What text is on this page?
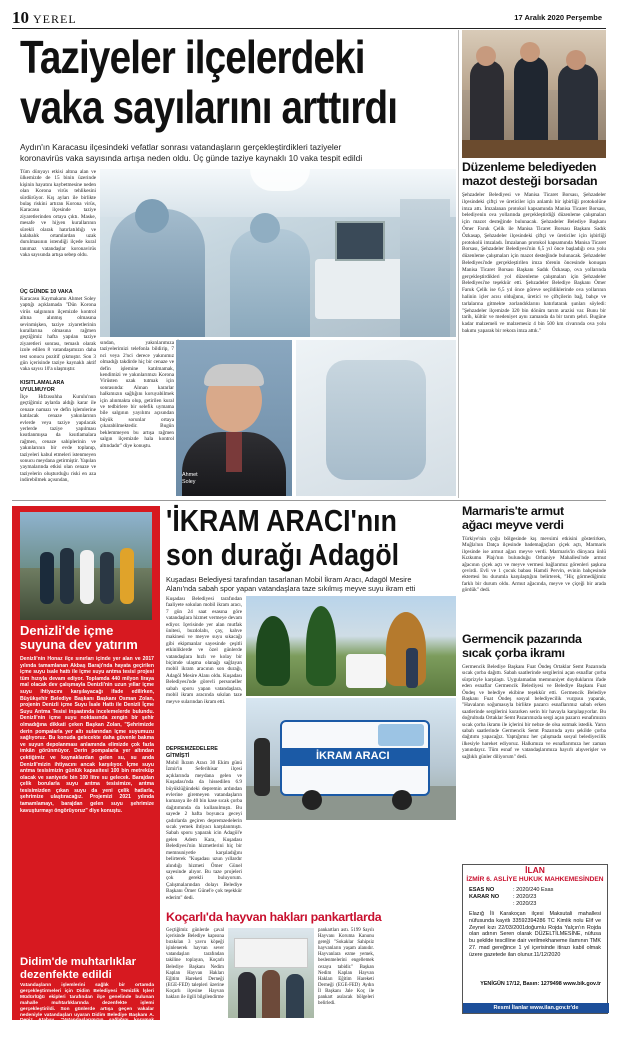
10 YEREL	17 Aralık 2020 Perşembe
Taziyeler ilçelerdeki
vaka sayılarını arttırdı
Aydın'ın Karacasu ilçesindeki vefatlar sonrası vatandaşların gerçekleştirdikleri taziyeler
koronavirüs vaka sayısında artışa neden oldu. Üç günde taziye kaynaklı 10 vaka tespit edildi

Tüm dünyayı etkisi altına alan ve ülkemizde de 15 binin üzerinde kişinin hayatını kaybetmesine neden olan Korona virüs tehlikesini sürdürüyor. Kış ayları ile birlikte bulaş riskini artıran Korona virüs, Karacasu ilçesinde taziye ziyaretlerinden ortaya çıktı. Maske, mesafe ve hijyen kurallarının sürekli olarak hatırlatıldığı ve kalabalık ortamlardan uzak durulmasının istendiği ilçede kural tanımaz vatandaşlar koronavirüs vaka sayısında artışa sebep oldu.

ÜÇ GÜNDE 10 VAKA

Karacasu Kaymakamı Ahmet Soley yaptığı açıklamada "Dün Korona virüs salgınının ilçemizde kontrol altına alınmış olmasına sevinmişken, taziye ziyaretlerinin kurallarına olmasına rağmen geçtiğimiz hafta yapılan taziye ziyaretleri sonrası, temaslı olarak izole edilen 8 vatandaşımızın daha test sonucu pozitif çıkmıştır. Son 3 gün içerisinde taziye kaynaklı aktif vaka sayısı 10'a ulaşmıştır.

KISITLAMALARA UYULMUYOR

İlçe Hıfzıssıhha Kurulu'nun geçtiğimiz aylarda aldığı karar ile cenaze namazı ve defin işlemlerine katılacak cenaze yakınlarının evlerde veya taziye yapılacak yerlerde taziye yapılması kısıtlanmışsa da kısıtlamalara rağmen, cenaze sahiplerinin ve yakınlarının bir evde toplanıp, taziyeleri kabul etmeleri istenmeyen sonucu meydana getirmiştir. Yapılan yaymalarında etkisi olan cenaze ve taziyelerin oluşturduğu riski en aza indirebilmek açısından,

sından, yakınlarımıza taziyelerimizi telefonla bildirip, 7 nci veya 2'nci derece yakınımız olmadığı takdirde hiç bir cenaze ve defin işlemine katılmamak, kendimizi ve yakınlarımızı Korona Virüsten uzak tutmak için sonrasında: Alınan kararlar halkımızın sağlığını koruyabilmek için alınmakta olup, getirilen kural ve tedbirlere bir selefik uymama bile salgının yayılımı açısından büyük sorunlar ortaya çıkarabilmektedir. Bugün beklemmeyen bu artışa rağmen salgın ilçemizde hala kontrol altındadır" diye konuştu.

Ahmet
Soley
Düzenleme belediyeden
mazot desteği borsadan

Şehzadeler Belediyesi ve Manisa Ticaret Borsası, Şehzadeler ilçesindeki çiftçi ve üreticiler için anlamlı bir işbirliği protokolüne imza attı. İmzalanan protokol kapsamında Manisa Ticaret Borsası, belediyenin ova yollarında gerçekleştirdiği düzenleme çalışmaları için mazot desteğinde bulunacak. Şehzadeler Belediye Başkanı Ömer Faruk Çelik ile Manisa Ticaret Borsası Başkanı Sadık Özkasap, Şehzadeler ilçesindeki çiftçi ve üreticiler için işbirliği protokolü imzaladı. İmzalanan protokol kapsamında Manisa Ticaret Borsası, Şehzadeler Belediyesi'nin 6,5 yıl önce başladığı ova yolu düzenleme çalışmaları için mazot desteğinde bulunacak. Şehzadeler Belediyesi'nde gerçekleştirilen imza törenin öncesinde konuşan Manisa Ticaret Borsası Başkanı Sadık Özkasap, ova yollarında gerçekleştirdikleri yol düzenleme çalışmaları için Şehzadeler Belediyesi'ne teşekkür etti. Şehzadeler Belediye Başkanı Ömer Faruk Çelik ise 6,5 yıl önce göreve seçildiklerinde ova yollarının halinin içler acısı olduğunu, üretici ve çiftçilerin bağ, bahçe ve tarlalarına gitmekte zorlandıklarını hatırlatarak şunları söyledi: "Şehzadeler ilçemizde 320 bin dönüm tarım arazisi var. Bunu bir tarih, kültür ve medeniyet aynı zamanda da bir tarım şehri. Bugüne kadar malzemeli ve malzemesiz 4 bin 500 km civarında ova yolu bakımı yaparak bir rekora imza attık."

Denizli'de içme
suyuna dev yatırım

Denizli'nin Honaz ilçe sınırları içinde yer alan ve 2017 yılında tamamlanan Akbaş Barajı'nda hayata geçirilen içme suyu isale hattı ile içme suyu antma tesisi projesi tüm hızıyla devam ediyor. Toplamda 440 milyon liraya mal olacak dev çalışmayla Denizli'nin uzun yıllar içme suyu ihtiyacını karşılayacağı ifade edilirken, Büyükşehir Belediye Başkanı Başkanı Osman Zolan, projenin Denizli içme Suyu İsale Hattı ile Denizli İçme Suyu Antma Tesisi inşaatında incelemelerde bulundu. Denizli'nin içme suyu noktasında zengin bir şehir olmadığına dikkati çeken Başkan Zolan, "Şehrimizde derin pompalarla yer altı sularından içme suyumuzu sağlıyoruz. Bu konuda gelecekte daha güvenle bakma ve suyun depolanması anlamında elimizde çok fazla imkân görünmüyor. Derin pompalarla yer altından çektiğimiz ve kaynaklardan gelen su, su anda Denizli'mizin ihtiyacını ancak karşılıyor. İçme suyu antma tesisimizin günlük kapasitesi 100 bin metreküp olacak ve saniyede bin 100 litre su gelecek. Barajdan çelik borularla suyu arıtma tesisimize, arıtma tesisimizden çıkan suyu da yeni çelik hatlarla, şehrimize ulaştıracağız. Projemizi 2021 yılında tamamlamayı, barajdan gelen suyu şehrimize kavuşturmayı öngörüyoruz" diye konuştu.

Didim'de muhtarlıklar
dezenfekte edildi

Vatandaşların işlemlerini sağlık bir ortamda gerçekleştirmeleri için Didim Belediyesi Temizlik İşleri Müdürlüğü ekipleri tarafından ilçe genelinde bulunan mahalle muhtarlıklarında dezenfekte işlemi gerçekleştirildi. Son günlerde artışa geçen vakalar nedeniyle vatandaşları uyaran Didim Belediye Başkanı A. Deniz Atabay, "Vatandaşlarımızın sağlığını korumak amacıyla tüm muhtarlıklarımız da dezenfekte işlemleri gerçekleştirdik. Hafkımızdan maske, mesafe ve temizlik kurallarına uyulması konusunda hassasiyet göstermelerini diliyorum" dedi.

'İKRAM ARACI'nın
son durağı Adagöl
Kuşadası Belediyesi tarafından tasarlanan Mobil İkram Aracı, Adagöl Mesire
Alanı'nda sabah spor yapan vatandaşlara taze sıkılmış meyve suyu ikram etti

Kuşadası Belediyesi tarafından faaliyete sokulan mobil ikram aracı, 7 gün 24 saat esasına göre vatandaşlara hizmet vermeye devam ediyor. Içerisinde yer alan mutfak ünitesi, buzdolabı, çay, kahve makinesi ve meyve suyu sıkacağı gibi ekipmanlar sayesinde çeşitli etkinliklerde ve özel günlerde vatandaşlara hızlı ve kolay bir biçimde ulaşma olanağı sağlayan mobil ikram aracının son durağı, Adagöl Mesire Alanı oldu. Kuşadası Belediyesi'nde görevli personeller sabah sporu yapan vatandaşlara, mobil ikram aracında sıkılan taze meyve sularından ikram etti.

DEPREMZEDELERE GİTMİŞTİ

Mobil İkram Aracı 30 Ekim günü İzmir'in Seferihisar ilçesi açıklarında meydana gelen ve Kuşadası'nda da hissedilen 6.9 büyüklüğündeki depremin ardından evlerine giremeyen vatandaşların kumanya ile 40 bin kase sıcak çorba dağıtımında da kullanılmıştı. Bu sayede 2 hafta boyunca geceyi çadırlarda geçiren depremzedelerin sıcak yemek ihtiyacı karşılanmıştı. Sabah sporu yaparak icin Adagöl'e gelen Adem Kara, Kuşadası Belediyesi'nin hizmetlerini hiç bir memnuniyetle karşıladığını belirterek "Kuşadası uzun yıllardır alındığı hizmeti Ömer Günel sayesinde alıyor. Bu taze projeleri çok gerekli buluyorum. Çalışmalarından dolayı Belediye Başkanı Ömer Günel'e çok teşekkür ederim" dedi.

İKRAM ARACI
Koçarlı'da hayvan hakları pankartlarda

Geçtiğimiz günlerde çaval içerisinde Belediye kapısına bırakılan 3 yavru köpeği işinlenerek hayvan sever vatandaşları tarafından takiline toplayan, Koçarlı Belediye Başkanı Nedim Kaplan Hayvan Hakları Eğitim Hareketi Derneği (EGE-FED) talepleri üzerine Koçarlı ilçesine Hayvan hakları ile ilgili bilgilendirme

pankartları astı. 5199 Sayılı Hayvanı Koruma Kanunu gereği "Sokaklar Sahipsiz hayvanların yaşam alanıdır. Hayvanlara ezme yemek, beslenmelerini engellemek cezaya tabidir." Başkan Nedim Kaplan Hayvan Hakları Eğitim Hareketi Derneği (EGE-FED) Aydın İl Başkanı Jale Koç ile pankart asılacak bölgeleri belirledi.

Marmaris'te armut
ağacı meyve verdi

Türkiye'nin çoğu bölgesinde kış mevsimi etkisini gösterirken, Muğla'nın Datça ilçesinde bademağaçları çiçek açtı, Marmaris ilçesinde ise armut ağacı meyve verdi. Marmaris'in dünyaca ünlü Kızkumu Plajı'nın bulunduğu Orhaniye Mahallesi'nde armut ağacının çiçek açtı ve meyve vermesi bağlarımız görenleri şaşkına çevirdi. Evli ve 1 çocuk babası Hamdi Pervin, evinin bahçesinde ektertesi bu durumla karşılaştığını belirterek, "Hiç görmediğimiz farklı bir durum oldu. Armut ağacında, meyve ve çiçeği bir arada gördük" dedi.

Germencik pazarında
sıcak çorba ikramı

Germencik Belediye Başkanı Fuat Öndeş Ortaklar Semt Pazarında sıcak çorba dağıttı. Sabah saatlerinde sergilerini açan esnaflar çorba sürprizyle karşılaştı. Uygulamadan memnuniyet duyduklarını ifade eden esnaflar Germencik Belediyesi ve Belediye Başkanı Fuat Öndeş ve belediye ekibine teşekkür etti. Germencik Belediye Başkanı Fuat Öndeş sosyal belediyecilik vurgusu yaparak, "Havaların soğumasıyla birlikte pazarcı esnaflarımız sabah erken saatlerinde sergilerini kurarken serin bir havayla karşılaşıyorlar. Bu doğrultuda Ortaklar Semt Pazarımızda sergi açan pazarcı esnafımızın sıcak çorba ikramı ile içlerini bir nebze de olsa ısıtmak istedik. Yarın sabah saatlerinde Germencik Semt Pazarında aynı şekilde çorba dağıtımı yapacağız. Yaptığımız her çalışmada sosyal belediyecilik ilkesiyle hareket ediyoruz. Halkımıza ve esnaflarımıza her zaman yanındayız. Tüm esnaf ve vatandaşlarımıza hayırlı alışverişler ve sağlıklı günler diliyorum" dedi.

İLAN
İZMİR 6. ASLİYE HUKUK MAHKEMESİNDEN
ESAS NO	: 2020/240 Esas
KARAR NO : 2020/23
: 2020/23

Elazığ İli Karakoçan ilçesi Maksutali mahallesi nüfusunda kayıtlı 33592394286 TC Kimlik nolu Elif ve Zeynel kızı 22/03/2001doğumlu Rojda Yalçın'ın Rojda olan adının Seren olarak DÜZELTİLMESİNE, nüfusa bu şekilde tescilline dair verilmekhaneme ilamının TMK 27. mad gereğince 1 yıl içerisinde itirazı kabil olmak üzere gazetede ilan olunur.11/12/2020

YENİGÜN 17/12, Basın: 1279498 www.bik.gov.tr
Resmi İlanlar www.ilan.gov.tr'de
